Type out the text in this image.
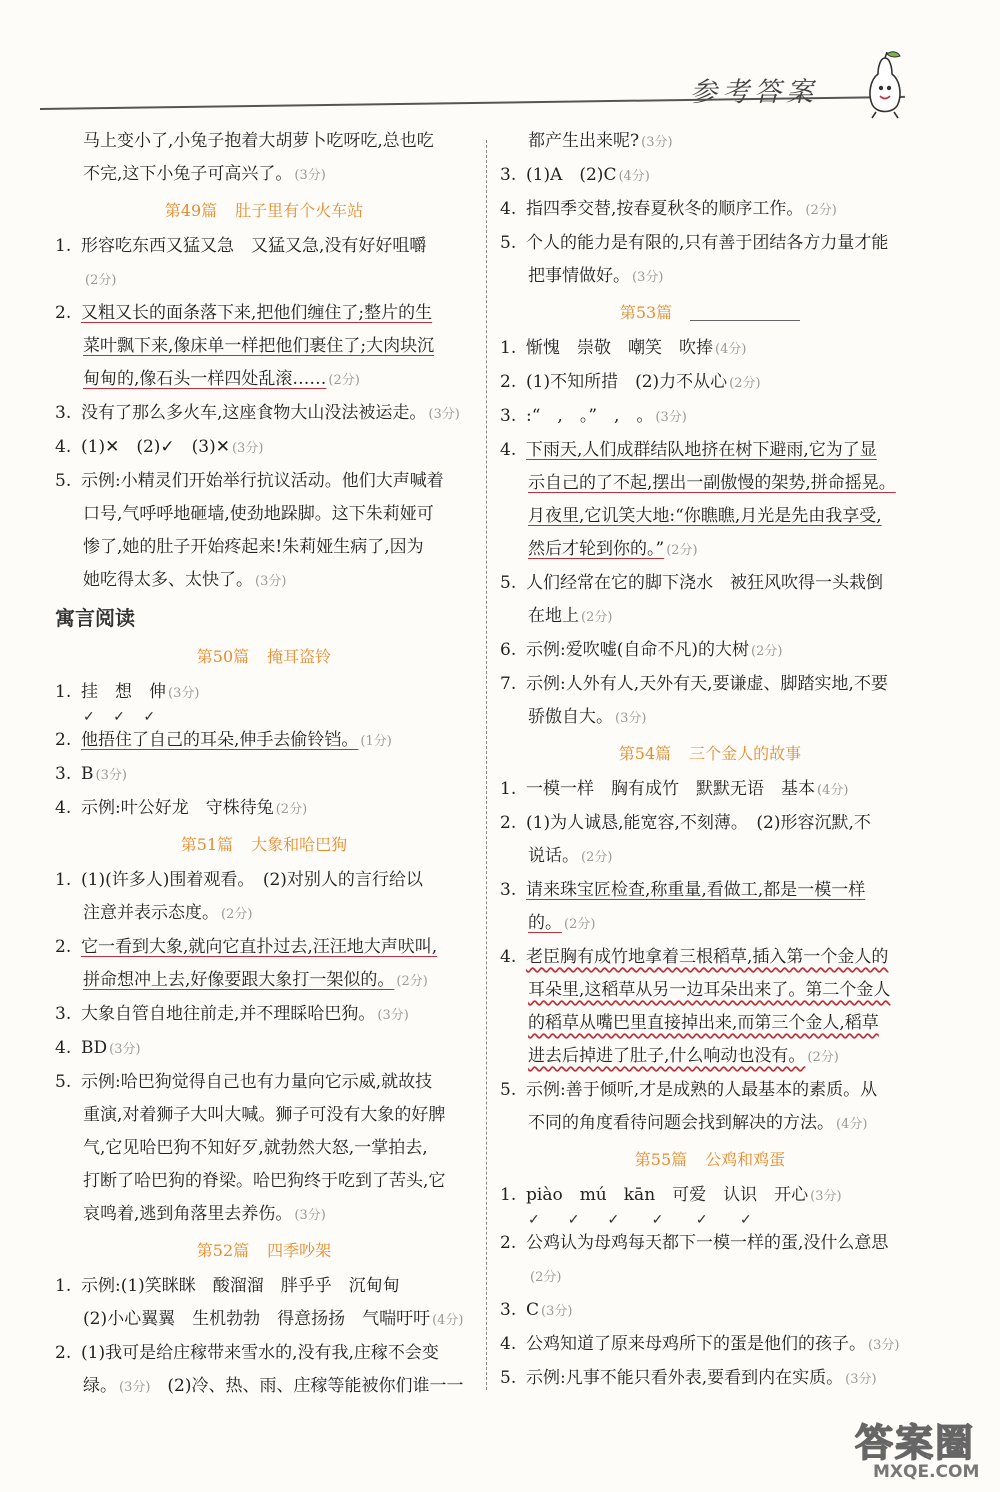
参考答案
马上变小了,小兔子抱着大胡萝卜吃呀吃,总也吃
不完,这下小兔子可高兴了。 (3分)
第49篇 肚子里有个火车站
1. 形容吃东西又猛又急　又猛又急,没有好好咀嚼
(2分)
2. 又粗又长的面条落下来,把他们缠住了;整片的生
菜叶飘下来,像床单一样把他们裹住了;大肉块沉
甸甸的,像石头一样四处乱滚…… (2分)
3. 没有了那么多火车,这座食物大山没法被运走。 (3分)
4. (1)✕　(2)✓　(3)✕ (3分)
5. 示例:小精灵们开始举行抗议活动。他们大声喊着
口号,气呼呼地砸墙,使劲地跺脚。这下朱莉娅可
惨了,她的肚子开始疼起来!朱莉娅生病了,因为
她吃得太多、太快了。 (3分)
寓言阅读
第50篇 掩耳盗铃
1. 挂　想　伸 (3分)
✓　 ✓　 ✓
2. 他捂住了自己的耳朵,伸手去偷铃铛。 (1分)
3. B (3分)
4. 示例:叶公好龙　守株待兔 (2分)
第51篇 大象和哈巴狗
1. (1)(许多人)围着观看。　(2)对别人的言行给以
注意并表示态度。 (2分)
2. 它一看到大象,就向它直扑过去,汪汪地大声吠叫,
拼命想冲上去,好像要跟大象打一架似的。 (2分)
3. 大象自管自地往前走,并不理睬哈巴狗。 (3分)
4. BD (3分)
5. 示例:哈巴狗觉得自己也有力量向它示威,就故技
重演,对着狮子大叫大喊。狮子可没有大象的好脾
气,它见哈巴狗不知好歹,就勃然大怒,一掌拍去,
打断了哈巴狗的脊梁。哈巴狗终于吃到了苦头,它
哀鸣着,逃到角落里去养伤。 (3分)
第52篇 四季吵架
1. 示例:(1)笑眯眯　酸溜溜　胖乎乎　沉甸甸
(2)小心翼翼　生机勃勃　得意扬扬　气喘吁吁 (4分)
2. (1)我可是给庄稼带来雪水的,没有我,庄稼不会变
绿。 (3分)　(2)冷、热、雨、庄稼等能被你们谁一一
都产生出来呢? (3分)
3. (1)A　(2)C (4分)
4. 指四季交替,按春夏秋冬的顺序工作。 (2分)
5. 个人的能力是有限的,只有善于团结各方力量才能
把事情做好。 (3分)
第53篇
1. 惭愧　崇敬　嘲笑　吹捧 (4分)
2. (1)不知所措　(2)力不从心 (2分)
3. :“　,　。”　,　。 (3分)
4. 下雨天,人们成群结队地挤在树下避雨,它为了显
示自己的了不起,摆出一副傲慢的架势,拼命摇晃。
月夜里,它讥笑大地:“你瞧瞧,月光是先由我享受,
然后才轮到你的。” (2分)
5. 人们经常在它的脚下浇水　被狂风吹得一头栽倒
在地上 (2分)
6. 示例:爱吹嘘(自命不凡)的大树 (2分)
7. 示例:人外有人,天外有天,要谦虚、脚踏实地,不要
骄傲自大。 (3分)
第54篇 三个金人的故事
1. 一模一样　胸有成竹　默默无语　基本 (4分)
2. (1)为人诚恳,能宽容,不刻薄。　(2)形容沉默,不
说话。 (2分)
3. 请来珠宝匠检查,称重量,看做工,都是一模一样
的。 (2分)
4. 老臣胸有成竹地拿着三根稻草,插入第一个金人的
耳朵里,这稻草从另一边耳朵出来了。第二个金人
的稻草从嘴巴里直接掉出来,而第三个金人,稻草
进去后掉进了肚子,什么响动也没有。 (2分)
5. 示例:善于倾听,才是成熟的人最基本的素质。从
不同的角度看待问题会找到解决的方法。 (4分)
第55篇 公鸡和鸡蛋
1. piào　mú　kān　可爱　认识　开心 (3分)
✓　　✓　　✓　　 ✓　　 ✓　　 ✓
2. 公鸡认为母鸡每天都下一模一样的蛋,没什么意思
(2分)
3. C (3分)
4. 公鸡知道了原来母鸡所下的蛋是他们的孩子。 (3分)
5. 示例:凡事不能只看外表,要看到内在实质。 (3分)
答案圈
MXQE.COM
